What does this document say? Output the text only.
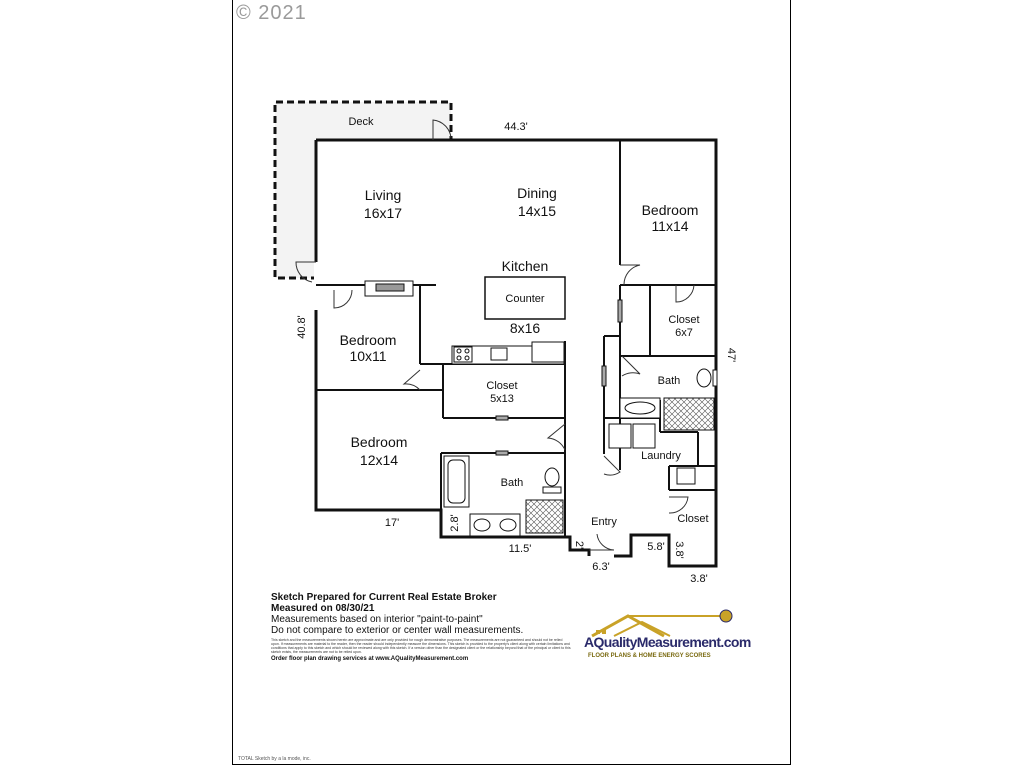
© 2021
Deck
Living
16x17
Dining
14x15
Kitchen
Counter
8x16
Bedroom
11x14
Closet
6x7
Bath
Bedroom
10x11
Closet
5x13
Bedroom
12x14
Bath
Laundry
Entry	Closet
44.3'
40.8'
47'
17'	2.8'
11.5'	2'
6.3'
5.8' 3.8'
3.8'
Sketch Prepared for Current Real Estate Broker
Measured on 08/30/21
Measurements based on interior "paint-to-paint"
Do not compare to exterior or center wall measurements.
This sketch and the measurements shown herein are approximate and are only provided for rough demonstrative purposes. The measurements are not guaranteed and should not be relied upon. If measurements are material to the reader, then the reader should independently measure the dimensions. This sketch is provided to the property's client along with certain limitations and conditions that apply to this sketch and which should be reviewed along with this sketch. If a version other than the designated client or the relationship beyond that of the principal or client to this sketch exists, the measurements are not to be relied upon.
Order floor plan drawing services at www.AQualityMeasurement.com
AQualityMeasurement.com
FLOOR PLANS & HOME ENERGY SCORES
TOTAL Sketch by a la mode, inc.
